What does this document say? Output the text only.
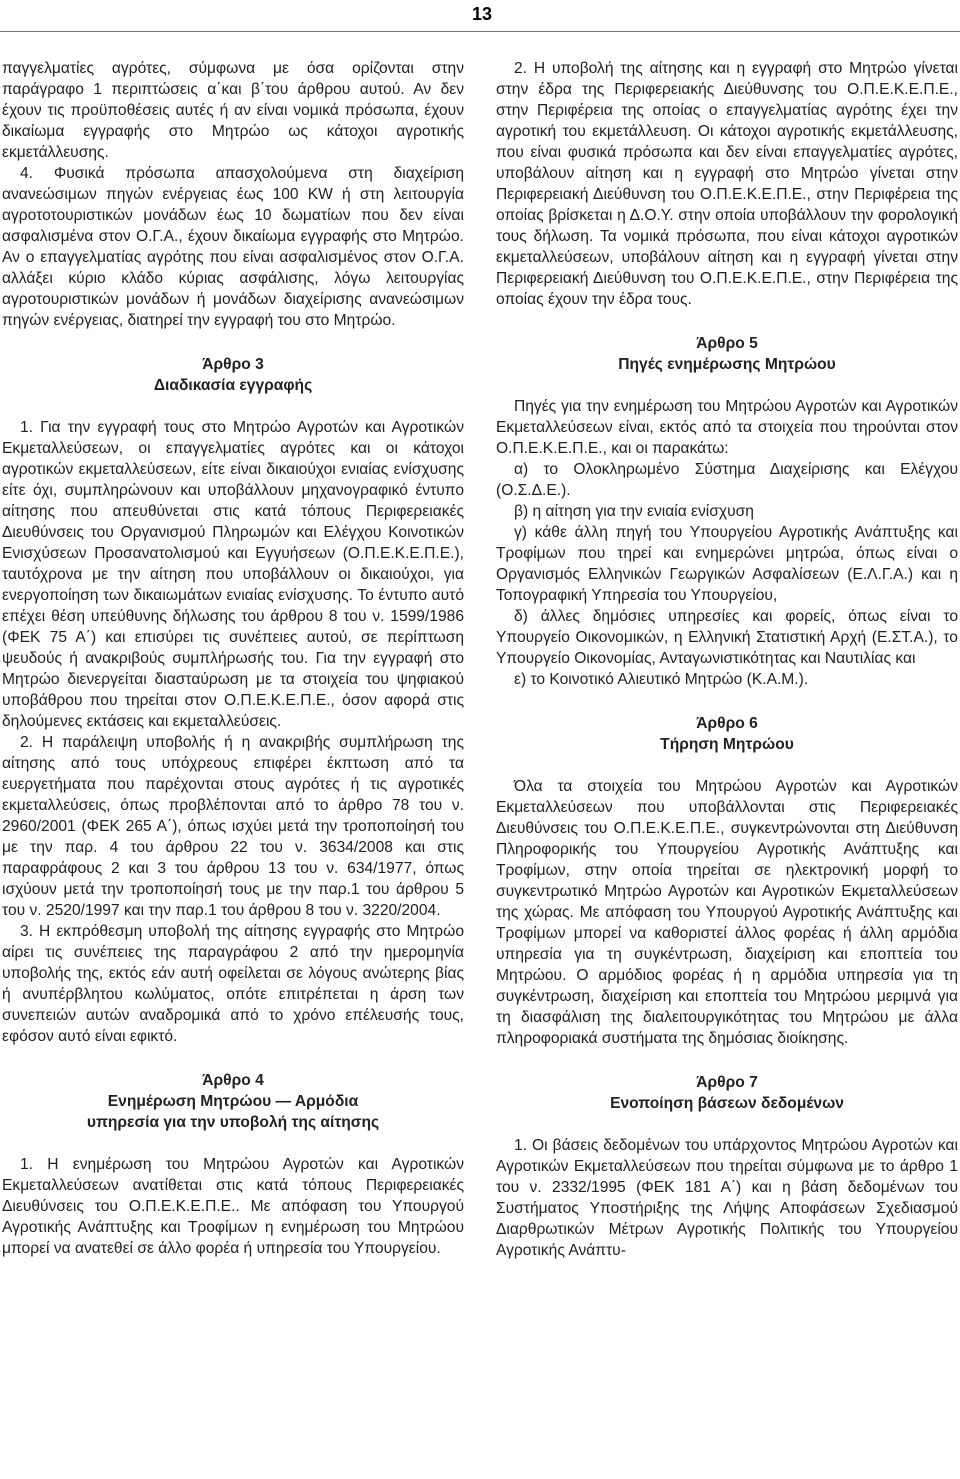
13

παγγελματίες αγρότες, σύμφωνα με όσα ορίζονται στην παράγραφο 1 περιπτώσεις α΄και β΄του άρθρου αυτού. Αν δεν έχουν τις προϋποθέσεις αυτές ή αν είναι νομικά πρόσωπα, έχουν δικαίωμα εγγραφής στο Μητρώο ως κάτοχοι αγροτικής εκμετάλλευσης.

4. Φυσικά πρόσωπα απασχολούμενα στη διαχείριση ανανεώσιμων πηγών ενέργειας έως 100 KW ή στη λειτουργία αγροτοτουριστικών μονάδων έως 10 δωματίων που δεν είναι ασφαλισμένα στον Ο.Γ.Α., έχουν δικαίωμα εγγραφής στο Μητρώο. Αν ο επαγγελματίας αγρότης που είναι ασφαλισμένος στον Ο.Γ.Α. αλλάξει κύριο κλάδο κύριας ασφάλισης, λόγω λειτουργίας αγροτουριστικών μονάδων ή μονάδων διαχείρισης ανανεώσιμων πηγών ενέργειας, διατηρεί την εγγραφή του στο Μητρώο.

Άρθρο 3
Διαδικασία εγγραφής

1. Για την εγγραφή τους στο Μητρώο Αγροτών και Αγροτικών Εκμεταλλεύσεων, οι επαγγελματίες αγρότες και οι κάτοχοι αγροτικών εκμεταλλεύσεων, είτε είναι δικαιούχοι ενιαίας ενίσχυσης είτε όχι, συμπληρώνουν και υποβάλλουν μηχανογραφικό έντυπο αίτησης που απευθύνεται στις κατά τόπους Περιφερειακές Διευθύνσεις του Οργανισμού Πληρωμών και Ελέγχου Κοινοτικών Ενισχύσεων Προσανατολισμού και Εγγυήσεων (Ο.Π.Ε.Κ.Ε.Π.Ε.), ταυτόχρονα με την αίτηση που υποβάλλουν οι δικαιούχοι, για ενεργοποίηση των δικαιωμάτων ενιαίας ενίσχυσης. Το έντυπο αυτό επέχει θέση υπεύθυνης δήλωσης του άρθρου 8 του ν. 1599/1986 (ΦΕΚ 75 Α΄) και επισύρει τις συνέπειες αυτού, σε περίπτωση ψευδούς ή ανακριβούς συμπλήρωσής του. Για την εγγραφή στο Μητρώο διενεργείται διασταύρωση με τα στοιχεία του ψηφιακού υποβάθρου που τηρείται στον Ο.Π.Ε.Κ.Ε.Π.Ε., όσον αφορά στις δηλούμενες εκτάσεις και εκμεταλλεύσεις.

2. Η παράλειψη υποβολής ή η ανακριβής συμπλήρωση της αίτησης από τους υπόχρεους επιφέρει έκπτωση από τα ευεργετήματα που παρέχονται στους αγρότες ή τις αγροτικές εκμεταλλεύσεις, όπως προβλέπονται από το άρθρο 78 του ν. 2960/2001 (ΦΕΚ 265 Α΄), όπως ισχύει μετά την τροποποίησή του με την παρ. 4 του άρθρου 22 του ν. 3634/2008 και στις παραφράφους 2 και 3 του άρθρου 13 του ν. 634/1977, όπως ισχύουν μετά την τροποποίησή τους με την παρ.1 του άρθρου 5 του ν. 2520/1997 και την παρ.1 του άρθρου 8 του ν. 3220/2004.

3. Η εκπρόθεσμη υποβολή της αίτησης εγγραφής στο Μητρώο αίρει τις συνέπειες της παραγράφου 2 από την ημερομηνία υποβολής της, εκτός εάν αυτή οφείλεται σε λόγους ανώτερης βίας ή ανυπέρβλητου κωλύματος, οπότε επιτρέπεται η άρση των συνεπειών αυτών αναδρομικά από το χρόνο επέλευσής τους, εφόσον αυτό είναι εφικτό.

Άρθρο 4
Ενημέρωση Μητρώου — Αρμόδια
υπηρεσία για την υποβολή της αίτησης

1. Η ενημέρωση του Μητρώου Αγροτών και Αγροτικών Εκμεταλλεύσεων ανατίθεται στις κατά τόπους Περιφερειακές Διευθύνσεις του Ο.Π.Ε.Κ.Ε.Π.Ε.. Με απόφαση του Υπουργού Αγροτικής Ανάπτυξης και Τροφίμων η ενημέρωση του Μητρώου μπορεί να ανατεθεί σε άλλο φορέα ή υπηρεσία του Υπουργείου.

2. Η υποβολή της αίτησης και η εγγραφή στο Μητρώο γίνεται στην έδρα της Περιφερειακής Διεύθυνσης του Ο.Π.Ε.Κ.Ε.Π.Ε., στην Περιφέρεια της οποίας ο επαγγελματίας αγρότης έχει την αγροτική του εκμετάλλευση. Οι κάτοχοι αγροτικής εκμετάλλευσης, που είναι φυσικά πρόσωπα και δεν είναι επαγγελματίες αγρότες, υποβάλουν αίτηση και η εγγραφή στο Μητρώο γίνεται στην Περιφερειακή Διεύθυνση του Ο.Π.Ε.Κ.Ε.Π.Ε., στην Περιφέρεια της οποίας βρίσκεται η Δ.Ο.Υ. στην οποία υποβάλλουν την φορολογική τους δήλωση. Τα νομικά πρόσωπα, που είναι κάτοχοι αγροτικών εκμεταλλεύσεων, υποβάλουν αίτηση και η εγγραφή γίνεται στην Περιφερειακή Διεύθυνση του Ο.Π.Ε.Κ.Ε.Π.Ε., στην Περιφέρεια της οποίας έχουν την έδρα τους.

Άρθρο 5
Πηγές ενημέρωσης Μητρώου

Πηγές για την ενημέρωση του Μητρώου Αγροτών και Αγροτικών Εκμεταλλεύσεων είναι, εκτός από τα στοιχεία που τηρούνται στον Ο.Π.Ε.Κ.Ε.Π.Ε., και οι παρακάτω:

α) το Ολοκληρωμένο Σύστημα Διαχείρισης και Ελέγχου (Ο.Σ.Δ.Ε.).

β) η αίτηση για την ενιαία ενίσχυση

γ) κάθε άλλη πηγή του Υπουργείου Αγροτικής Ανάπτυξης και Τροφίμων που τηρεί και ενημερώνει μητρώα, όπως είναι ο Οργανισμός Ελληνικών Γεωργικών Ασφαλίσεων (Ε.Λ.Γ.Α.) και η Τοπογραφική Υπηρεσία του Υπουργείου,

δ) άλλες δημόσιες υπηρεσίες και φορείς, όπως είναι το Υπουργείο Οικονομικών, η Ελληνική Στατιστική Αρχή (Ε.ΣΤ.Α.), το Υπουργείο Οικονομίας, Ανταγωνιστικότητας και Ναυτιλίας και

ε) το Κοινοτικό Αλιευτικό Μητρώο (Κ.Α.Μ.).

Άρθρο 6
Τήρηση Μητρώου

Όλα τα στοιχεία του Μητρώου Αγροτών και Αγροτικών Εκμεταλλεύσεων που υποβάλλονται στις Περιφερειακές Διευθύνσεις του Ο.Π.Ε.Κ.Ε.Π.Ε., συγκεντρώνονται στη Διεύθυνση Πληροφορικής του Υπουργείου Αγροτικής Ανάπτυξης και Τροφίμων, στην οποία τηρείται σε ηλεκτρονική μορφή το συγκεντρωτικό Μητρώο Αγροτών και Αγροτικών Εκμεταλλεύσεων της χώρας. Με απόφαση του Υπουργού Αγροτικής Ανάπτυξης και Τροφίμων μπορεί να καθοριστεί άλλος φορέας ή άλλη αρμόδια υπηρεσία για τη συγκέντρωση, διαχείριση και εποπτεία του Μητρώου. Ο αρμόδιος φορέας ή η αρμόδια υπηρεσία για τη συγκέντρωση, διαχείριση και εποπτεία του Μητρώου μεριμνά για τη διασφάλιση της διαλειτουργικότητας του Μητρώου με άλλα πληροφοριακά συστήματα της δημόσιας διοίκησης.

Άρθρο 7
Ενοποίηση βάσεων δεδομένων

1. Οι βάσεις δεδομένων του υπάρχοντος Μητρώου Αγροτών και Αγροτικών Εκμεταλλεύσεων που τηρείται σύμφωνα με το άρθρο 1 του ν. 2332/1995 (ΦΕΚ 181 Α΄) και η βάση δεδομένων του Συστήματος Υποστήριξης της Λήψης Αποφάσεων Σχεδιασμού Διαρθρωτικών Μέτρων Αγροτικής Πολιτικής του Υπουργείου Αγροτικής Ανάπτυ-
